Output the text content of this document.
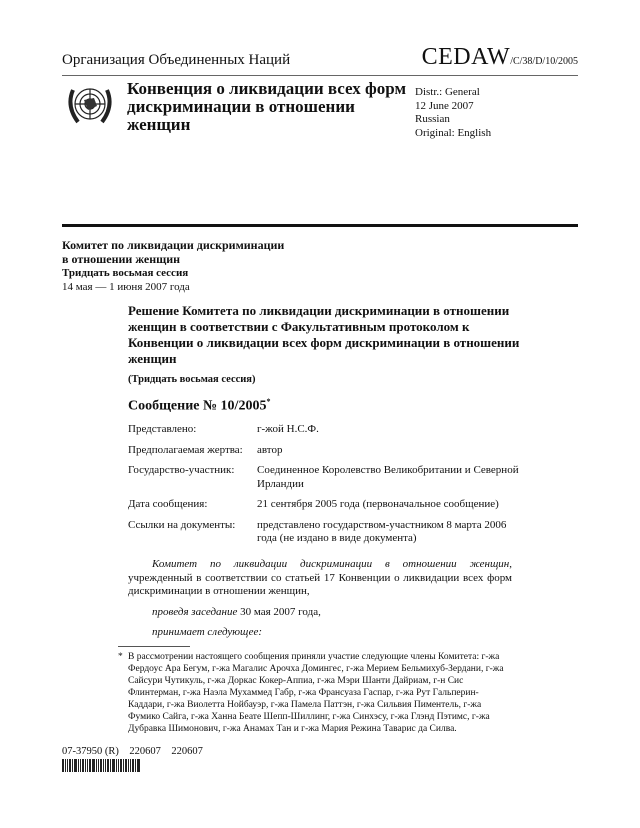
Организация Объединенных Наций	CEDAW/C/38/D/10/2005
Конвенция о ликвидации всех форм дискриминации в отношении женщин
Distr.: General
12 June 2007
Russian
Original: English
Комитет по ликвидации дискриминации
в отношении женщин
Тридцать восьмая сессия
14 мая — 1 июня 2007 года
Решение Комитета по ликвидации дискриминации в отношении женщин в соответствии с Факультативным протоколом к Конвенции о ликвидации всех форм дискриминации в отношении женщин
(Тридцать восьмая сессия)
Сообщение № 10/2005*
Представлено:	г-жой Н.С.Ф.
Предполагаемая жертва:	автор
Государство-участник:	Соединенное Королевство Великобритании и Северной Ирландии
Дата сообщения:	21 сентября 2005 года (первоначальное сообщение)
Ссылки на документы:	представлено государством-участником 8 марта 2006 года (не издано в виде документа)

Комитет по ликвидации дискриминации в отношении женщин, учрежденный в соответствии со статьей 17 Конвенции о ликвидации всех форм дискриминации в отношении женщин,

проведя заседание 30 мая 2007 года,

принимает следующее:

* В рассмотрении настоящего сообщения приняли участие следующие члены Комитета: г-жа Фердоус Ара Бегум, г-жа Магалис Арочха Домингес, г-жа Мерием Бельмихуб-Зердани, г-жа Сайсури Чутикуль, г-жа Доркас Кокер-Аппиа, г-жа Мэри Шанти Дайриам, г-н Сис Флинтерман, г-жа Наэла Мухаммед Габр, г-жа Франсуаза Гаспар, г-жа Рут Гальперин-Каддари, г-жа Виолетта Нойбауэр, г-жа Памела Паттэн, г-жа Сильвия Пиментель, г-жа Фумико Сайга, г-жа Ханна Беате Шепп-Шиллинг, г-жа Синхэсу, г-жа Глэнд Пэтимс, г-жа Дубравка Шимонович, г-жа Анамах Тан и г-жа Мария Режина Таварис да Силва.
07-37950 (R)    220607    220607
